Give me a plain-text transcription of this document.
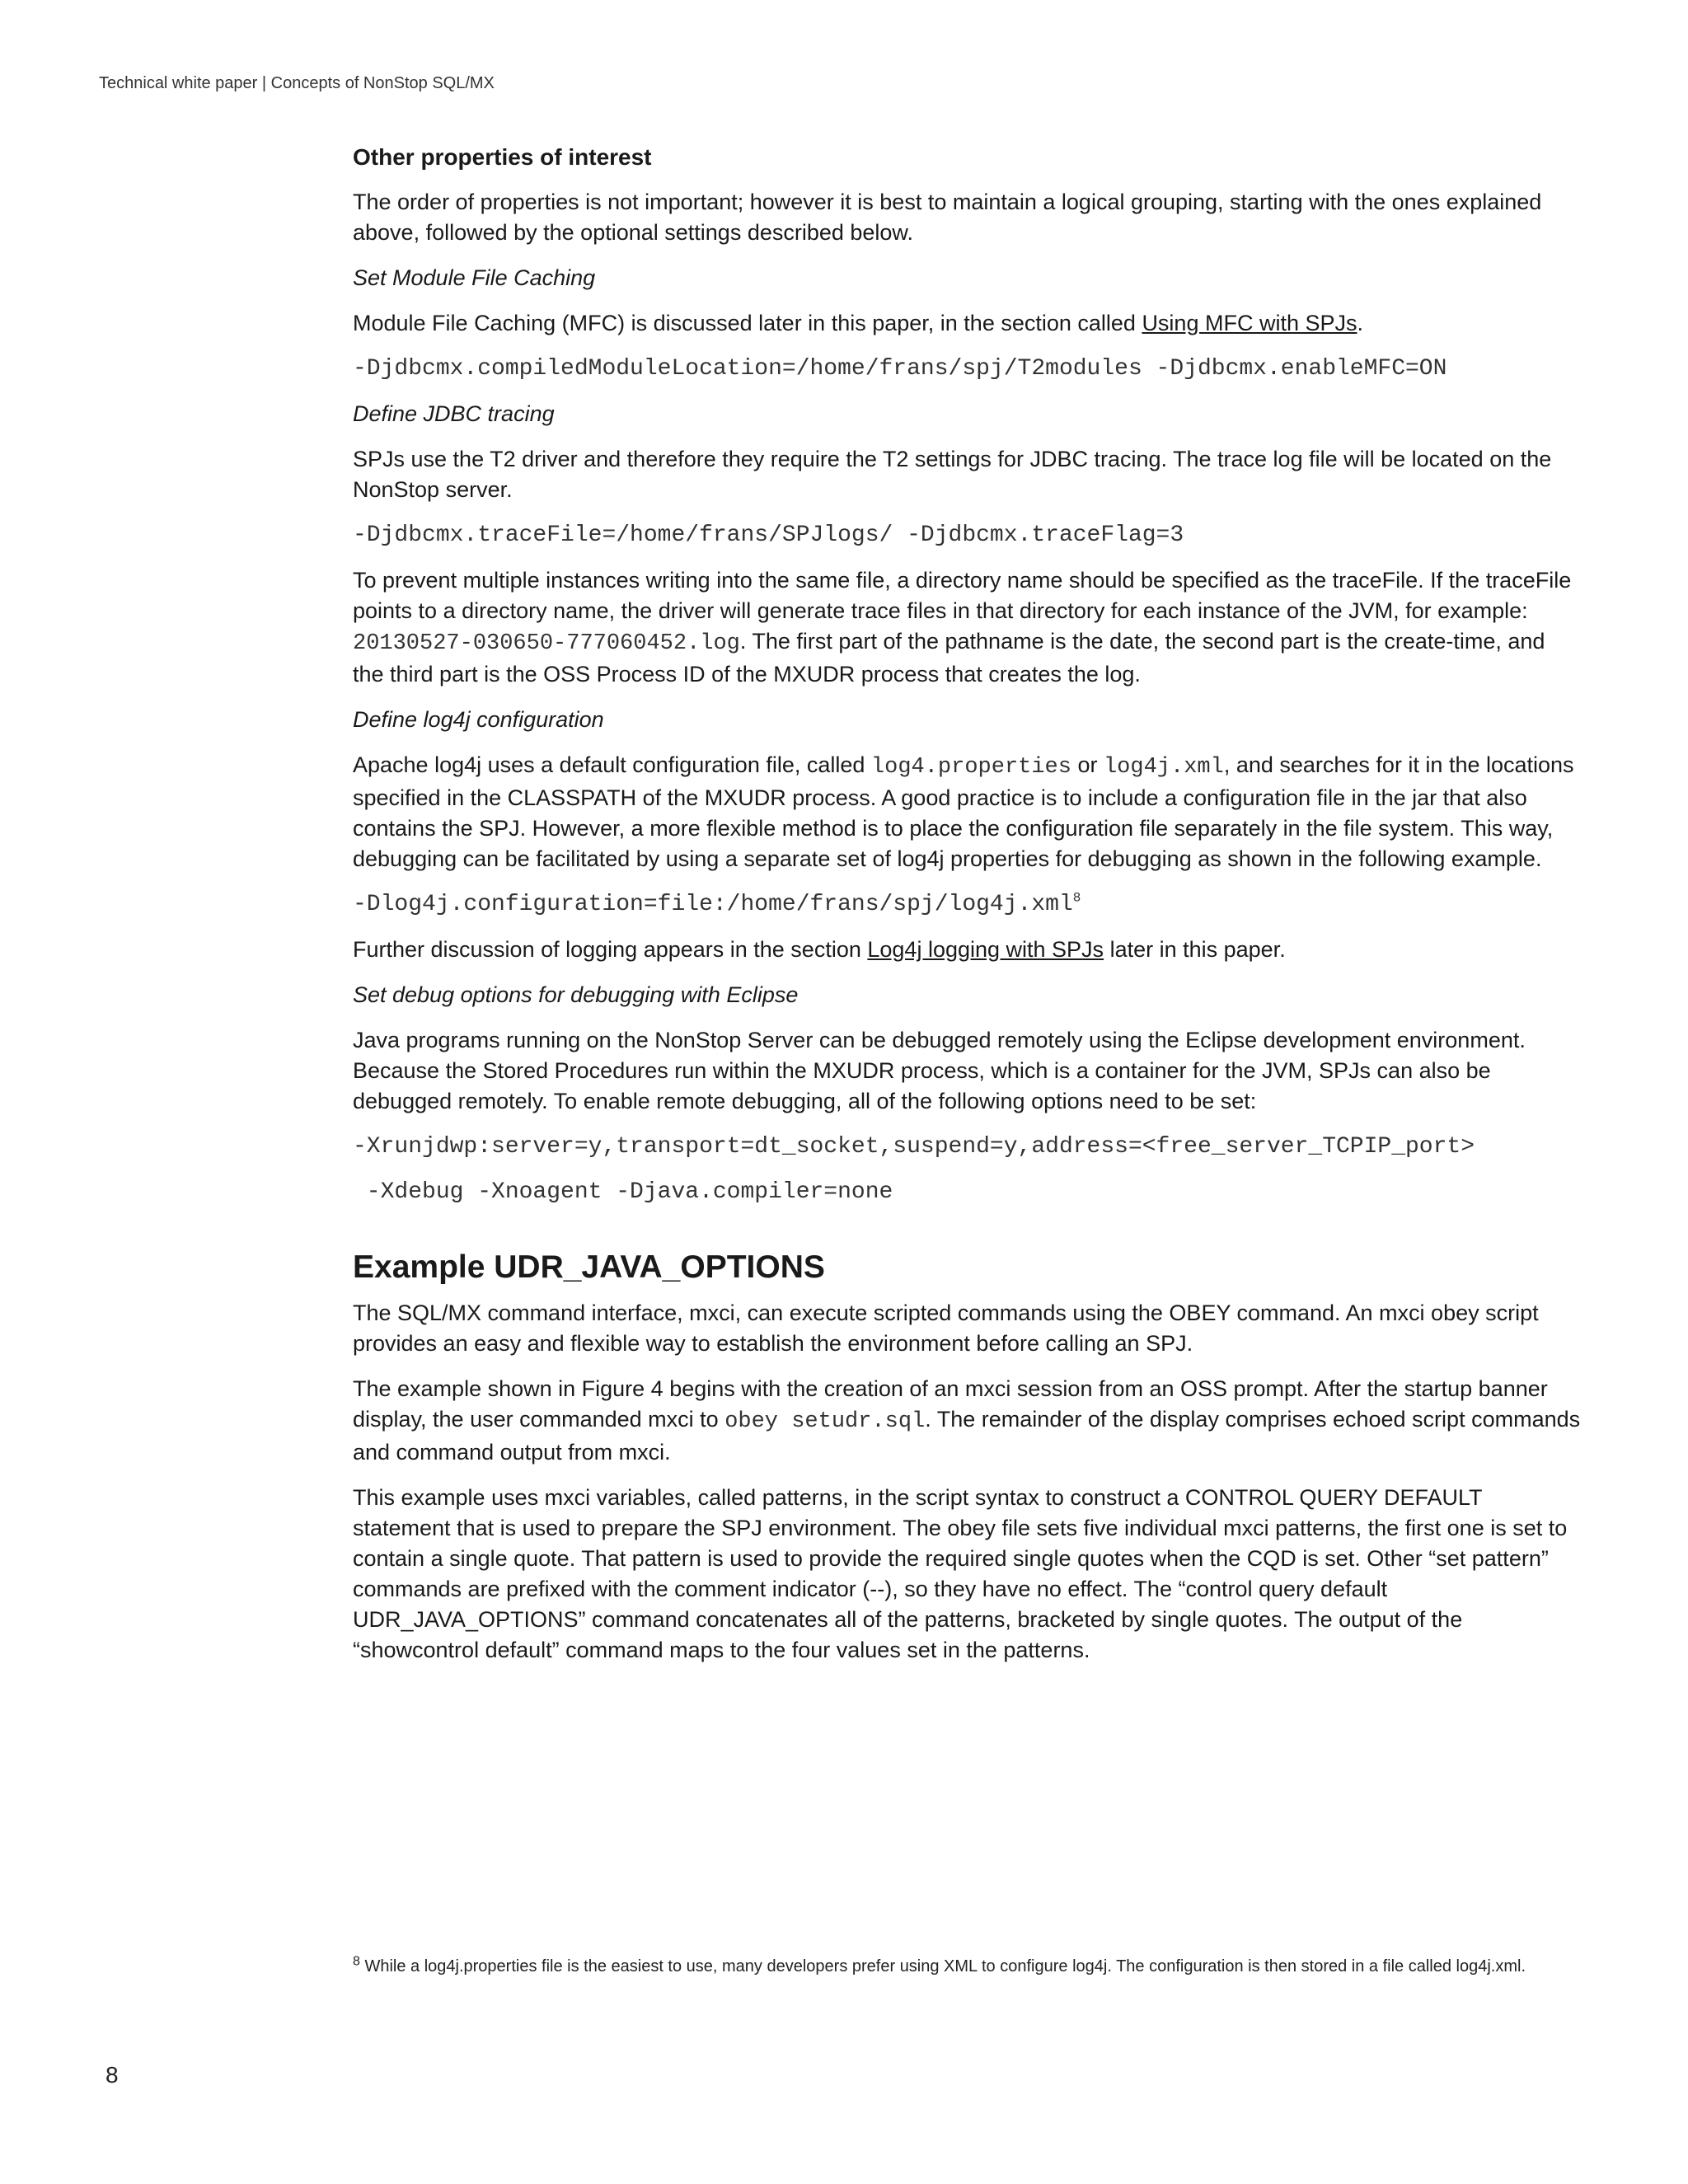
Technical white paper | Concepts of NonStop SQL/MX

Other properties of interest

The order of properties is not important; however it is best to maintain a logical grouping, starting with the ones explained above, followed by the optional settings described below.

Set Module File Caching

Module File Caching (MFC) is discussed later in this paper, in the section called Using MFC with SPJs.

-Djdbcmx.compiledModuleLocation=/home/frans/spj/T2modules -Djdbcmx.enableMFC=ON

Define JDBC tracing

SPJs use the T2 driver and therefore they require the T2 settings for JDBC tracing. The trace log file will be located on the NonStop server.

-Djdbcmx.traceFile=/home/frans/SPJlogs/ -Djdbcmx.traceFlag=3

To prevent multiple instances writing into the same file, a directory name should be specified as the traceFile. If the traceFile points to a directory name, the driver will generate trace files in that directory for each instance of the JVM, for example: 20130527-030650-777060452.log. The first part of the pathname is the date, the second part is the create-time, and the third part is the OSS Process ID of the MXUDR process that creates the log.

Define log4j configuration

Apache log4j uses a default configuration file, called log4.properties or log4j.xml, and searches for it in the locations specified in the CLASSPATH of the MXUDR process. A good practice is to include a configuration file in the jar that also contains the SPJ. However, a more flexible method is to place the configuration file separately in the file system. This way, debugging can be facilitated by using a separate set of log4j properties for debugging as shown in the following example.

-Dlog4j.configuration=file:/home/frans/spj/log4j.xml$^8$

Further discussion of logging appears in the section Log4j logging with SPJs later in this paper.

Set debug options for debugging with Eclipse

Java programs running on the NonStop Server can be debugged remotely using the Eclipse development environment. Because the Stored Procedures run within the MXUDR process, which is a container for the JVM, SPJs can also be debugged remotely. To enable remote debugging, all of the following options need to be set:

-Xrunjdwp:server=y,transport=dt_socket,suspend=y,address=<free_server_TCPIP_port>

-Xdebug -Xnoagent -Djava.compiler=none

Example UDR_JAVA_OPTIONS

The SQL/MX command interface, mxci, can execute scripted commands using the OBEY command. An mxci obey script provides an easy and flexible way to establish the environment before calling an SPJ.

The example shown in Figure 4 begins with the creation of an mxci session from an OSS prompt. After the startup banner display, the user commanded mxci to obey setudr.sql. The remainder of the display comprises echoed script commands and command output from mxci.

This example uses mxci variables, called patterns, in the script syntax to construct a CONTROL QUERY DEFAULT statement that is used to prepare the SPJ environment. The obey file sets five individual mxci patterns, the first one is set to contain a single quote. That pattern is used to provide the required single quotes when the CQD is set. Other “set pattern” commands are prefixed with the comment indicator (--), so they have no effect. The “control query default UDR_JAVA_OPTIONS” command concatenates all of the patterns, bracketed by single quotes. The output of the “showcontrol default” command maps to the four values set in the patterns.

$^8$ While a log4j.properties file is the easiest to use, many developers prefer using XML to configure log4j. The configuration is then stored in a file called log4j.xml.
8
